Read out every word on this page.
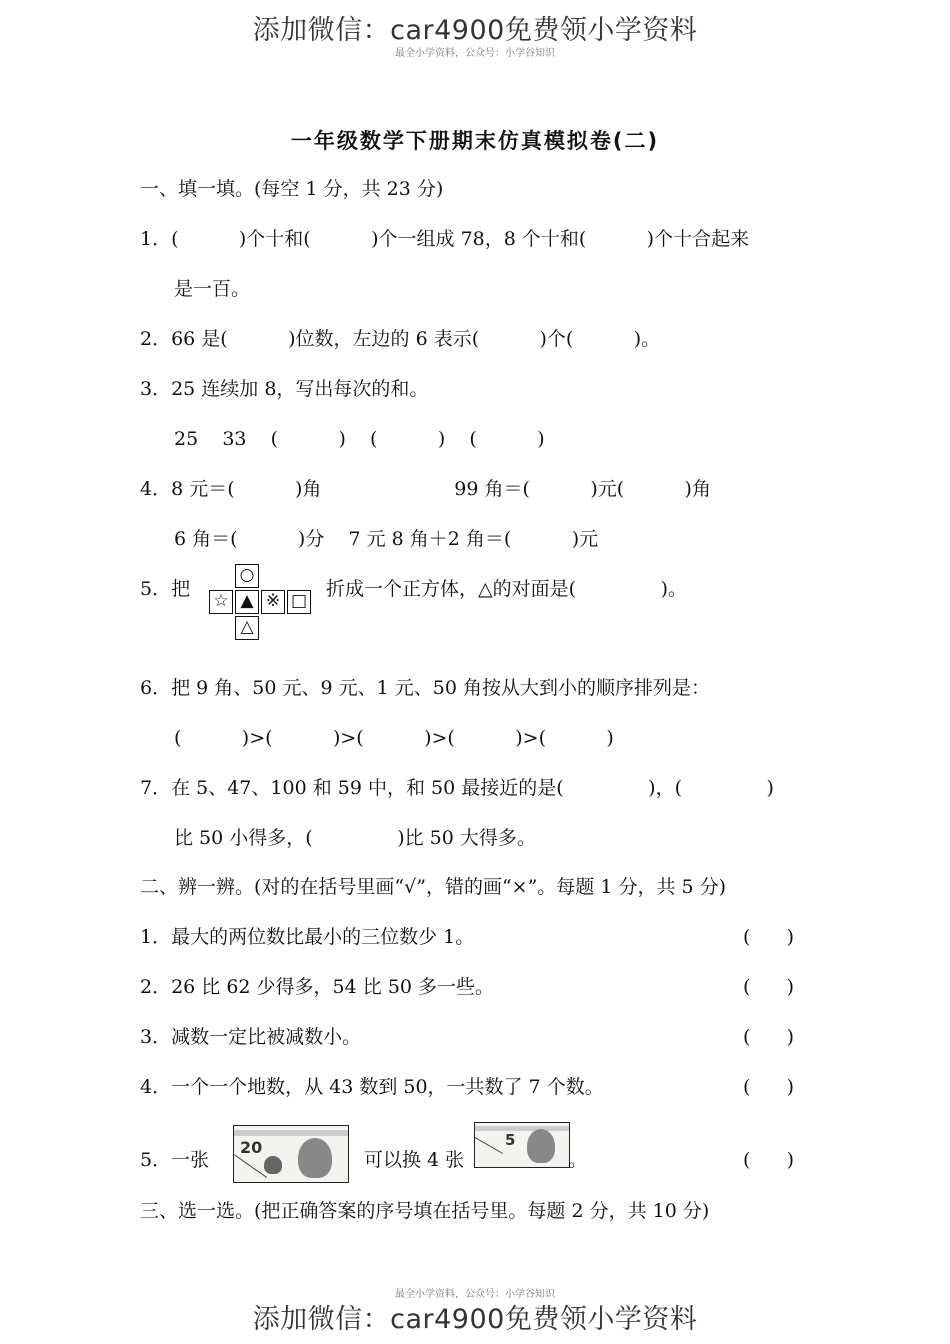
添加微信：car4900免费领小学资料
最全小学资料，公众号：小学谷知识
一年级数学下册期末仿真模拟卷(二)
一、填一填。(每空 1 分，共 23 分)
1．(          )个十和(          )个一组成 78，8 个十和(          )个十合起来
是一百。
2．66 是(          )位数，左边的 6 表示(          )个(          )。
3．25 连续加 8，写出每次的和。
25    33    (          )    (          )    (          )
4．8 元＝(          )角                      99 角＝(          )元(          )角
6 角＝(          )分    7 元 8 角＋2 角＝(          )元
5．把
○
☆ ▲ ※ □
△
折成一个正方体，△的对面是(              )。
6．把 9 角、50 元、9 元、1 元、50 角按从大到小的顺序排列是：
(          )>(          )>(          )>(          )>(          )
7．在 5、47、100 和 59 中，和 50 最接近的是(              )，(              )
比 50 小得多，(              )比 50 大得多。
二、辨一辨。(对的在括号里画“√”，错的画“×”。每题 1 分，共 5 分)
1．最大的两位数比最小的三位数少 1。	(      )
2．26 比 62 少得多，54 比 50 多一些。	(      )
3．减数一定比被减数小。	(      )
4．一个一个地数，从 43 数到 50，一共数了 7 个数。	(      )
5．一张
20
可以换 4 张
5
。	(      )
三、选一选。(把正确答案的序号填在括号里。每题 2 分，共 10 分)
最全小学资料，公众号：小学谷知识
添加微信：car4900免费领小学资料
